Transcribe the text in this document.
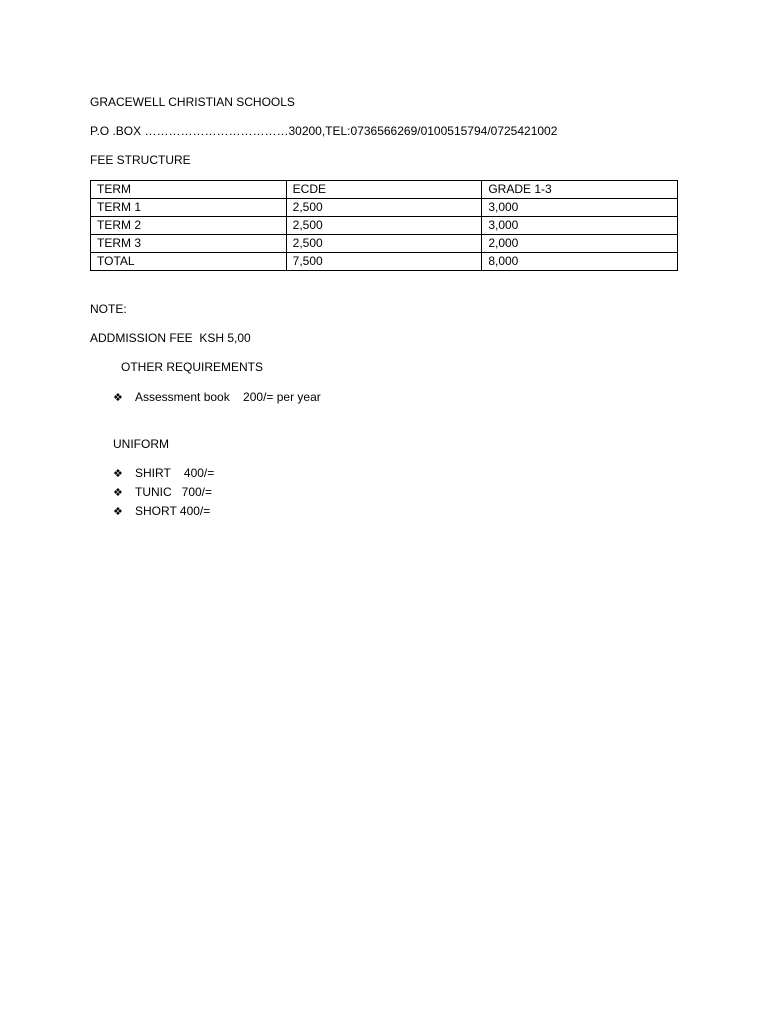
GRACEWELL CHRISTIAN SCHOOLS
P.O .BOX ………………………………30200,TEL:0736566269/0100515794/0725421002
FEE STRUCTURE
TERM	ECDE	GRADE 1-3
TERM 1	2,500	3,000
TERM 2	2,500	3,000
TERM 3	2,500	2,000
TOTAL	7,500	8,000
NOTE:
ADDMISSION FEE  KSH 5,00
OTHER REQUIREMENTS
❖ Assessment book    200/= per year
UNIFORM
❖ SHIRT    400/=
❖ TUNIC   700/=
❖ SHORT 400/=
